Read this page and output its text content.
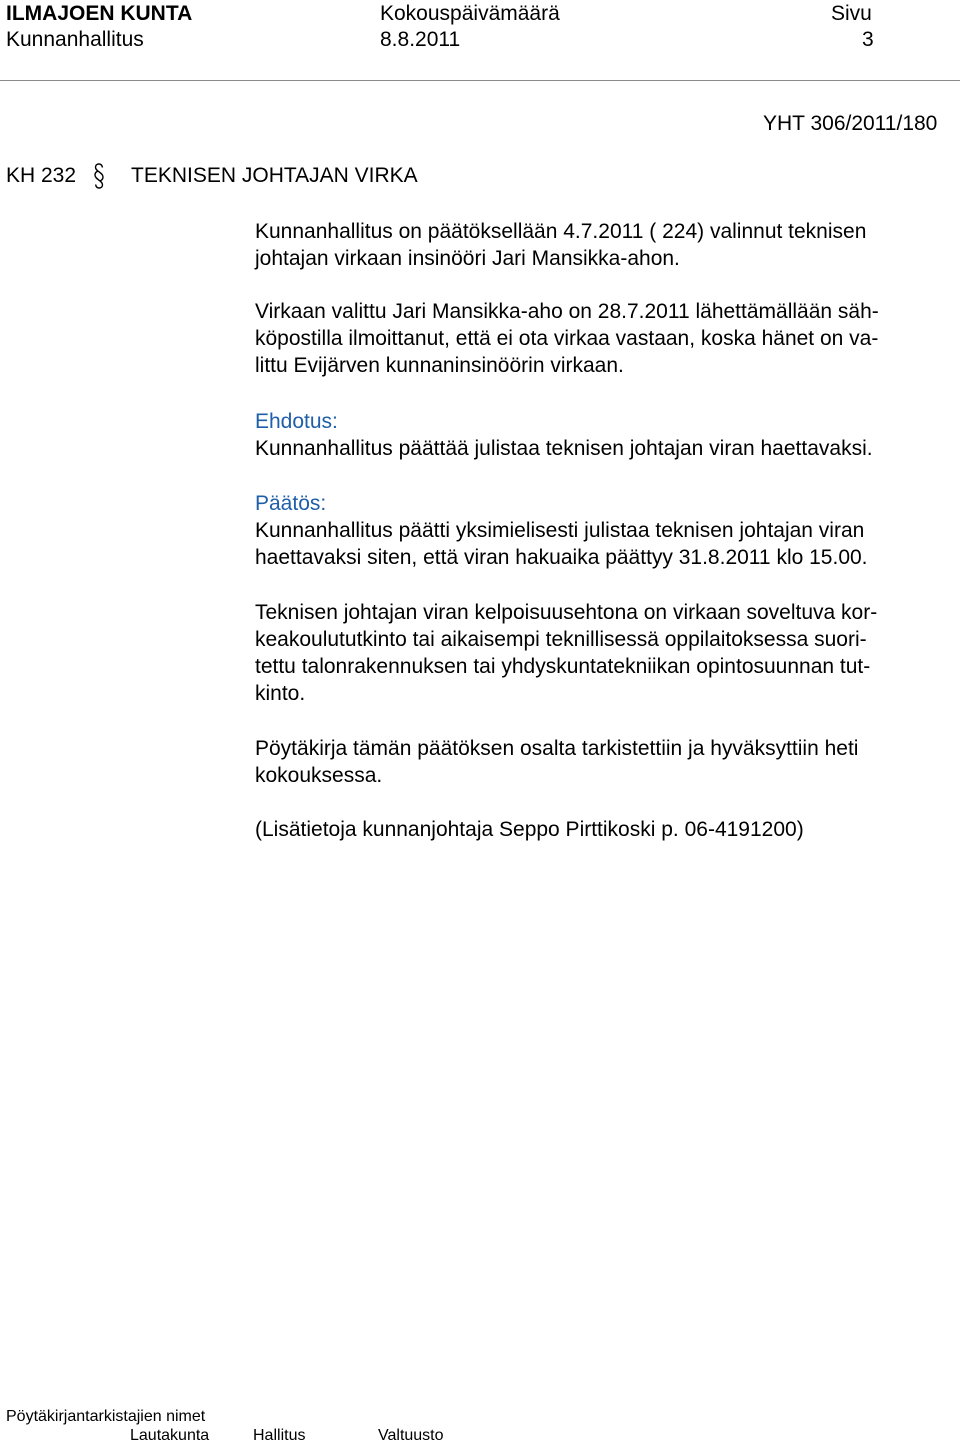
ILMAJOEN KUNTA
Kunnanhallitus
Kokouspäivämäärä
8.8.2011
Sivu
3
YHT 306/2011/180
KH 232	TEKNISEN JOHTAJAN VIRKA
Kunnanhallitus on päätöksellään 4.7.2011 ( 224) valinnut teknisen
johtajan virkaan insinööri Jari Mansikka-ahon.
Virkaan valittu Jari Mansikka-aho on 28.7.2011 lähettämällään säh-
köpostilla ilmoittanut, että ei ota virkaa vastaan, koska hänet on va-
littu Evijärven kunnaninsinöörin virkaan.
Ehdotus:
Kunnanhallitus päättää julistaa teknisen johtajan viran haettavaksi.
Päätös:
Kunnanhallitus päätti yksimielisesti julistaa teknisen johtajan viran
haettavaksi siten, että viran hakuaika päättyy 31.8.2011 klo 15.00.
Teknisen johtajan viran kelpoisuusehtona on virkaan soveltuva kor-
keakoulututkinto tai aikaisempi teknillisessä oppilaitoksessa suori-
tettu talonrakennuksen tai yhdyskuntatekniikan opintosuunnan tut-
kinto.
Pöytäkirja tämän päätöksen osalta tarkistettiin ja hyväksyttiin heti
kokouksessa.
(Lisätietoja kunnanjohtaja Seppo Pirttikoski p. 06-4191200)
Pöytäkirjantarkistajien nimet
Lautakunta	Hallitus	Valtuusto
